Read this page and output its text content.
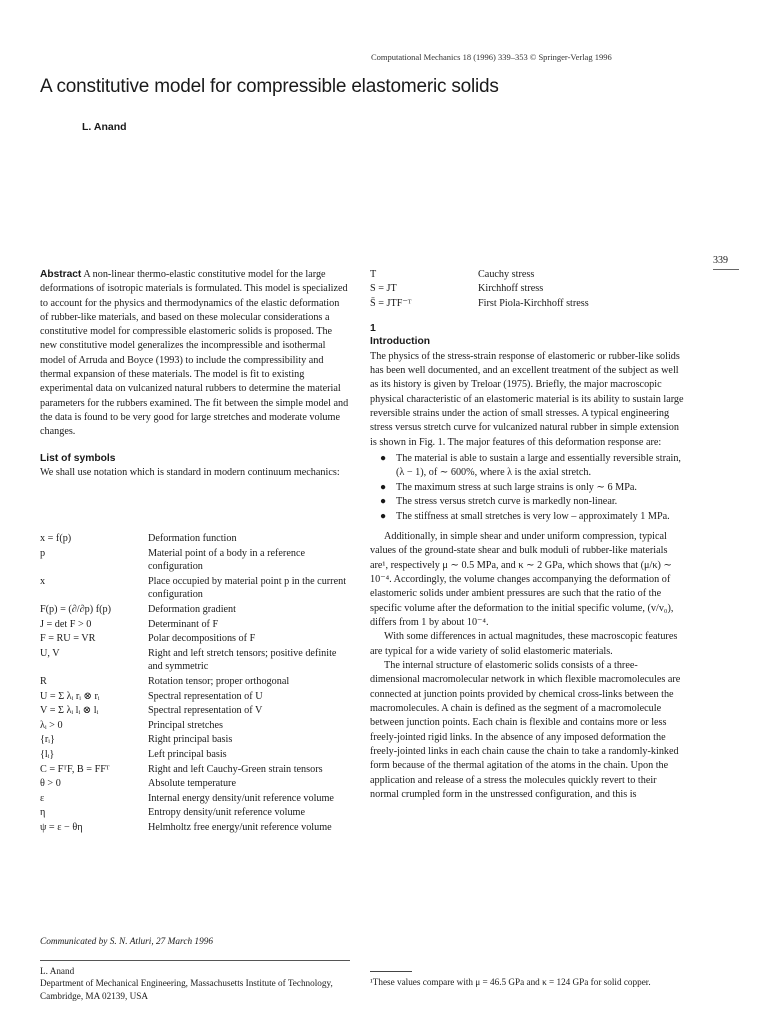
Computational Mechanics 18 (1996) 339–353 © Springer-Verlag 1996
A constitutive model for compressible elastomeric solids
L. Anand
339

Abstract A non-linear thermo-elastic constitutive model for the large deformations of isotropic materials is formulated. This model is specialized to account for the physics and thermodynamics of the elastic deformation of rubber-like materials, and based on these molecular considerations a constitutive model for compressible elastomeric solids is proposed. The new constitutive model generalizes the incompressible and isothermal model of Arruda and Boyce (1993) to include the compressibility and thermal expansion of these materials. The model is fit to existing experimental data on vulcanized natural rubbers to determine the material parameters for the rubbers examined. The fit between the simple model and the data is found to be very good for large stretches and moderate volume changes.

List of symbols

We shall use notation which is standard in modern continuum mechanics:

x = f(p)	Deformation function
p	Material point of a body in a reference configuration
x	Place occupied by material point p in the current configuration
F(p) = (∂/∂p) f(p)	Deformation gradient
J = det F > 0	Determinant of F
F = RU = VR	Polar decompositions of F
U, V	Right and left stretch tensors; positive definite and symmetric
R	Rotation tensor; proper orthogonal
U = Σ λᵢ rᵢ ⊗ rᵢ	Spectral representation of U
V = Σ λᵢ lᵢ ⊗ lᵢ	Spectral representation of V
λᵢ > 0	Principal stretches
{rᵢ}	Right principal basis
{lᵢ}	Left principal basis
C = FᵀF, B = FFᵀ	Right and left Cauchy-Green strain tensors
θ > 0	Absolute temperature
ε	Internal energy density/unit reference volume
η	Entropy density/unit reference volume
ψ = ε − θη	Helmholtz free energy/unit reference volume
Communicated by S. N. Atluri, 27 March 1996
L. Anand
Department of Mechanical Engineering, Massachusetts Institute of Technology, Cambridge, MA 02139, USA
T	Cauchy stress
S = JT	Kirchhoff stress
S̄ = JTF⁻ᵀ	First Piola-Kirchhoff stress
1
Introduction

The physics of the stress-strain response of elastomeric or rubber-like solids has been well documented, and an excellent treatment of the subject as well as its history is given by Treloar (1975). Briefly, the major macroscopic physical characteristic of an elastomeric material is its ability to sustain large reversible strains under the action of small stresses. A typical engineering stress versus stretch curve for vulcanized natural rubber in simple extension is shown in Fig. 1. The major features of this deformation response are:

● The material is able to sustain a large and essentially reversible strain, (λ − 1), of ∼ 600%, where λ is the axial stretch.
● The maximum stress at such large strains is only ∼ 6 MPa.
● The stress versus stretch curve is markedly non-linear.
● The stiffness at small stretches is very low – approximately 1 MPa.

Additionally, in simple shear and under uniform compression, typical values of the ground-state shear and bulk moduli of rubber-like materials are¹, respectively μ ∼ 0.5 MPa, and κ ∼ 2 GPa, which shows that (μ/κ) ∼ 10⁻⁴. Accordingly, the volume changes accompanying the deformation of elastomeric solids under ambient pressures are such that the ratio of the specific volume after the deformation to the initial specific volume, (v/v₀), differs from 1 by about 10⁻⁴.

With some differences in actual magnitudes, these macroscopic features are typical for a wide variety of solid elastomeric materials.

The internal structure of elastomeric solids consists of a three-dimensional macromolecular network in which flexible macromolecules are connected at junction points provided by chemical cross-links between the macromolecules. A chain is defined as the segment of a macromolecule between junction points. Each chain is flexible and contains more or less freely-jointed rigid links. In the absence of any imposed deformation the freely-jointed links in each chain cause the chain to take a randomly-kinked form because of the thermal agitation of the atoms in the chain. Upon the application and release of a stress the molecules quickly revert to their normal crumpled form in the unstressed configuration, and this is

¹These values compare with μ = 46.5 GPa and κ = 124 GPa for solid copper.
